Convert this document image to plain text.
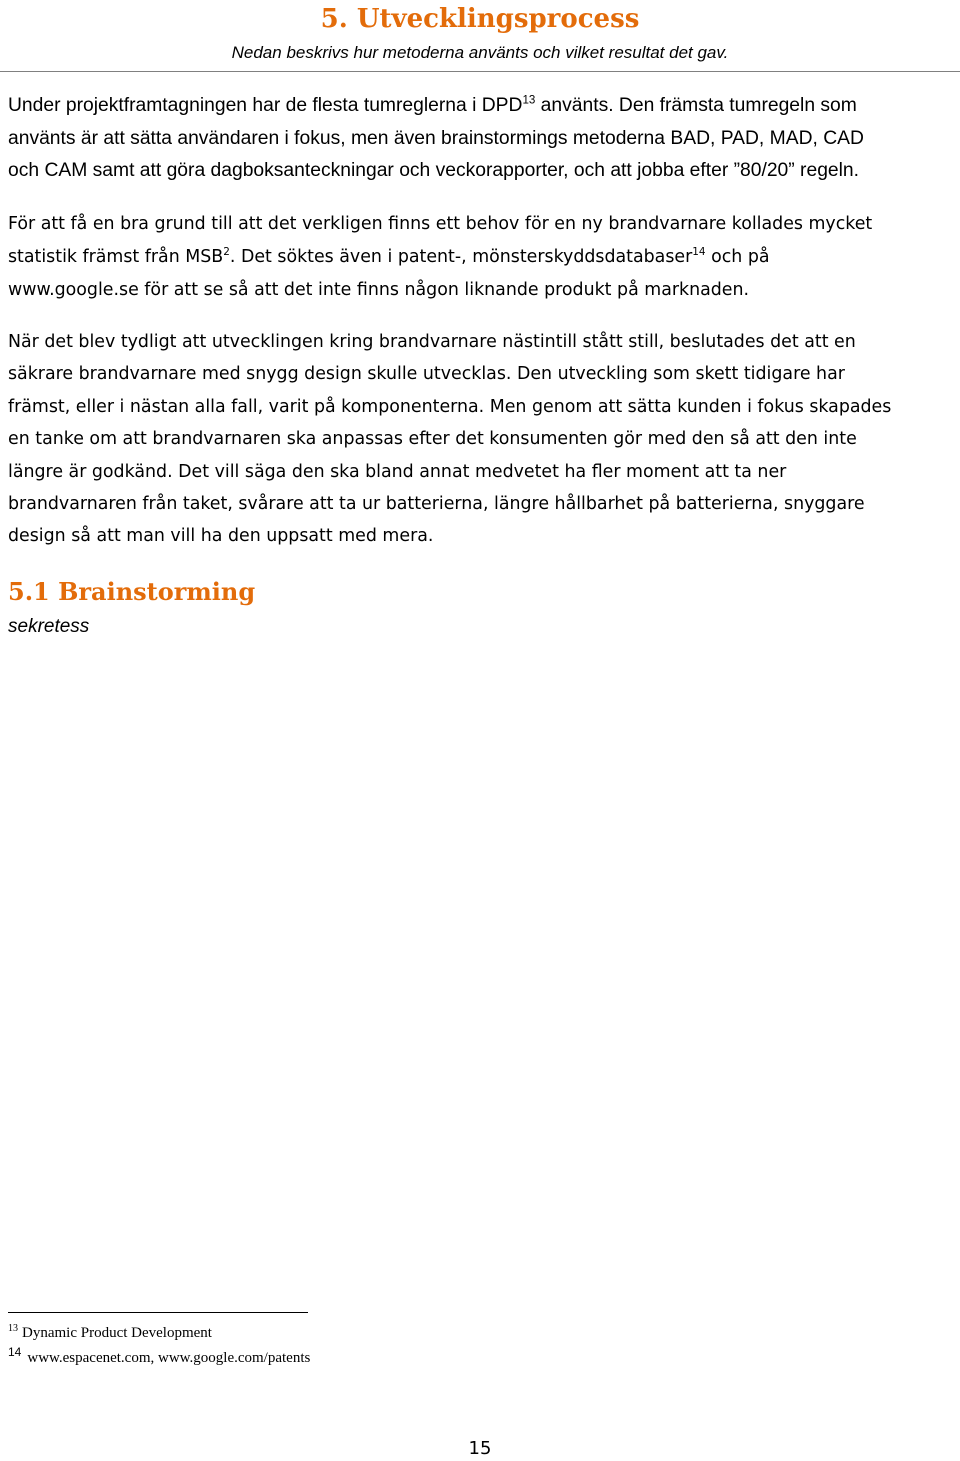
5. Utvecklingsprocess

Nedan beskrivs hur metoderna använts och vilket resultat det gav.

Under projektframtagningen har de flesta tumreglerna i DPD$^{13}$ använts. Den främsta tumregeln som
använts är att sätta användaren i fokus, men även brainstormings metoderna BAD, PAD, MAD, CAD
och CAM samt att göra dagboksanteckningar och veckorapporter, och att jobba efter ”80/20” regeln.

För att få en bra grund till att det verkligen finns ett behov för en ny brandvarnare kollades mycket
statistik främst från MSB$^2$. Det söktes även i patent-, mönsterskyddsdatabaser$^{14}$ och på
www.google.se för att se så att det inte finns någon liknande produkt på marknaden.

När det blev tydligt att utvecklingen kring brandvarnare nästintill stått still, beslutades det att en
säkrare brandvarnare med snygg design skulle utvecklas. Den utveckling som skett tidigare har
främst, eller i nästan alla fall, varit på komponenterna. Men genom att sätta kunden i fokus skapades
en tanke om att brandvarnaren ska anpassas efter det konsumenten gör med den så att den inte
längre är godkänd. Det vill säga den ska bland annat medvetet ha fler moment att ta ner
brandvarnaren från taket, svårare att ta ur batterierna, längre hållbarhet på batterierna, snyggare
design så att man vill ha den uppsatt med mera.

5.1 Brainstorming

sekretess

$^{13}$ Dynamic Product Development

$^{14}$ www.espacenet.com, www.google.com/patents

15
